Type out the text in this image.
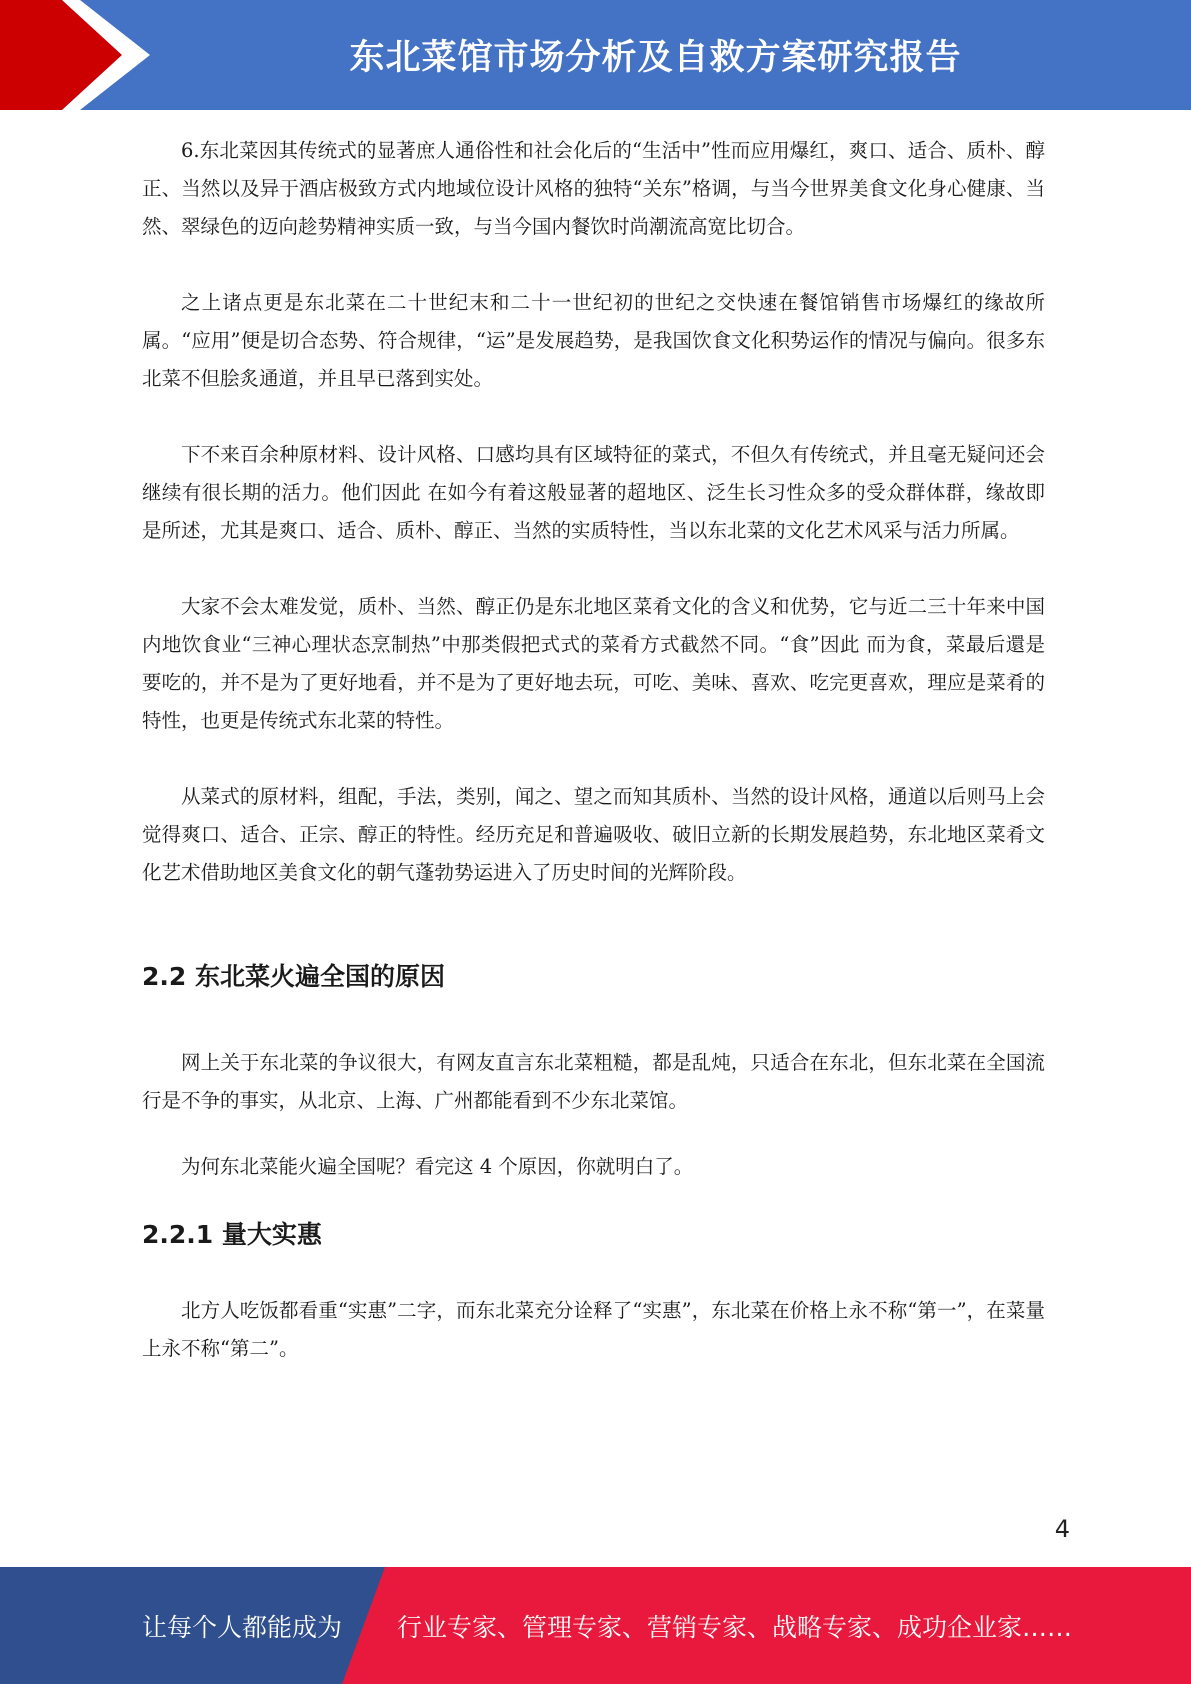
东北菜馆市场分析及自救方案研究报告

6.东北菜因其传统式的显著庶人通俗性和社会化后的“生活中”性而应用爆红，爽口、适合、质朴、醇正、当然以及异于酒店极致方式内地域位设计风格的独特“关东”格调，与当今世界美食文化身心健康、当然、翠绿色的迈向趁势精神实质一致，与当今国内餐饮时尚潮流高宽比切合。

之上诸点更是东北菜在二十世纪末和二十一世纪初的世纪之交快速在餐馆销售市场爆红的缘故所属。“应用”便是切合态势、符合规律，“运”是发展趋势，是我国饮食文化积势运作的情况与偏向。很多东北菜不但脍炙通道，并且早已落到实处。

下不来百余种原材料、设计风格、口感均具有区域特征的菜式，不但久有传统式，并且毫无疑问还会继续有很长期的活力。他们因此 在如今有着这般显著的超地区、泛生长习性众多的受众群体群，缘故即是所述，尤其是爽口、适合、质朴、醇正、当然的实质特性，当以东北菜的文化艺术风采与活力所属。

大家不会太难发觉，质朴、当然、醇正仍是东北地区菜肴文化的含义和优势，它与近二三十年来中国内地饮食业“三神心理状态烹制热”中那类假把式式的菜肴方式截然不同。“食”因此 而为食，菜最后還是要吃的，并不是为了更好地看，并不是为了更好地去玩，可吃、美味、喜欢、吃完更喜欢，理应是菜肴的特性，也更是传统式东北菜的特性。

从菜式的原材料，组配，手法，类别，闻之、望之而知其质朴、当然的设计风格，通道以后则马上会觉得爽口、适合、正宗、醇正的特性。经历充足和普遍吸收、破旧立新的长期发展趋势，东北地区菜肴文化艺术借助地区美食文化的朝气蓬勃势运进入了历史时间的光辉阶段。

2.2 东北菜火遍全国的原因

网上关于东北菜的争议很大，有网友直言东北菜粗糙，都是乱炖，只适合在东北，但东北菜在全国流行是不争的事实，从北京、上海、广州都能看到不少东北菜馆。

为何东北菜能火遍全国呢？看完这 4 个原因，你就明白了。

2.2.1 量大实惠

北方人吃饭都看重“实惠”二字，而东北菜充分诠释了“实惠”，东北菜在价格上永不称“第一”，在菜量上永不称“第二”。

4
让每个人都能成为 行业专家、管理专家、营销专家、战略专家、成功企业家……
